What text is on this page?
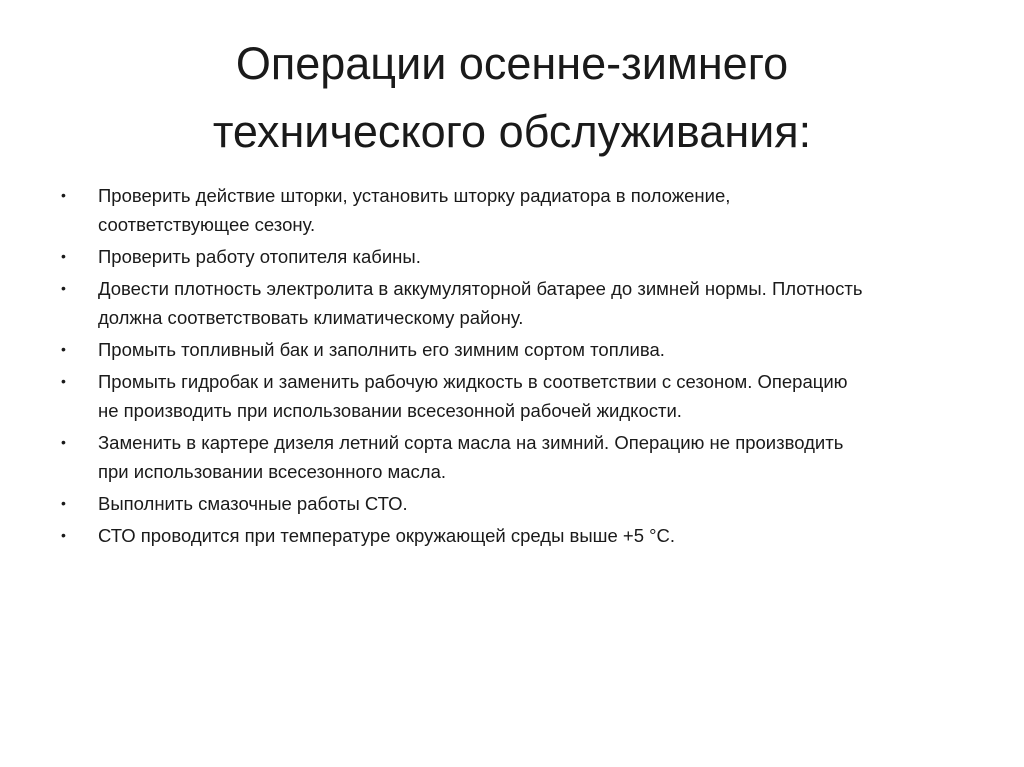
Операции осенне-зимнего
технического обслуживания:
• Проверить действие шторки, установить шторку радиатора в положение,
соответствующее сезону.
• Проверить работу отопителя кабины.
• Довести плотность электролита в аккумуляторной батарее до зимней нормы. Плотность
должна соответствовать климатическому району.
• Промыть топливный бак и заполнить его зимним сортом топлива.
• Промыть гидробак и заменить рабочую жидкость в соответствии с сезоном. Операцию
не производить при использовании всесезонной рабочей жидкости.
• Заменить в картере дизеля летний сорта масла на зимний. Операцию не производить
при использовании всесезонного масла.
• Выполнить смазочные работы СТО.
• СТО проводится при температуре окружающей среды выше +5 °С.
